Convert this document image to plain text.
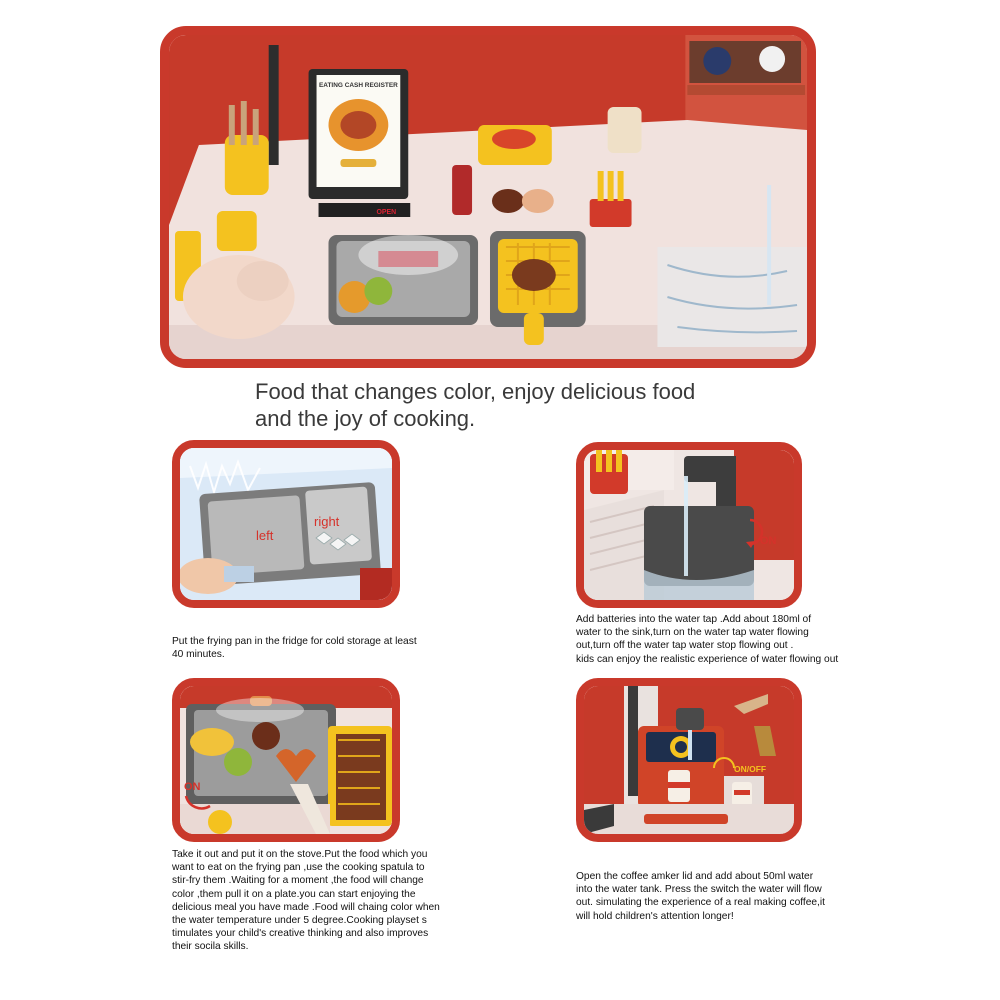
EATING CASH REGISTER
OPEN
Food that changes color, enjoy delicious food
and the joy of cooking.
left
right
Put the frying pan in the fridge for cold storage at least
40 minutes.
ON
Add batteries into the water tap .Add about 180ml of
water to the sink,turn on the water tap water flowing
out,turn off the water tap water stop flowing out .
kids can enjoy the realistic experience of water flowing out
ON
Take it out and put it on the stove.Put the food which you
want to eat on the frying pan ,use the cooking spatula to
stir-fry them .Waiting for a moment ,the food will change
color ,them pull it on a plate.you can start enjoying the
delicious meal you have made .Food will chaing color when
the water temperature under 5 degree.Cooking playset s
timulates your child's creative thinking and also improves
their socila skills.
ON/OFF
Open the coffee amker lid and add about 50ml water
into the water tank. Press the switch the water will flow
out. simulating the experience of a real making coffee,it
will hold children's attention longer!
